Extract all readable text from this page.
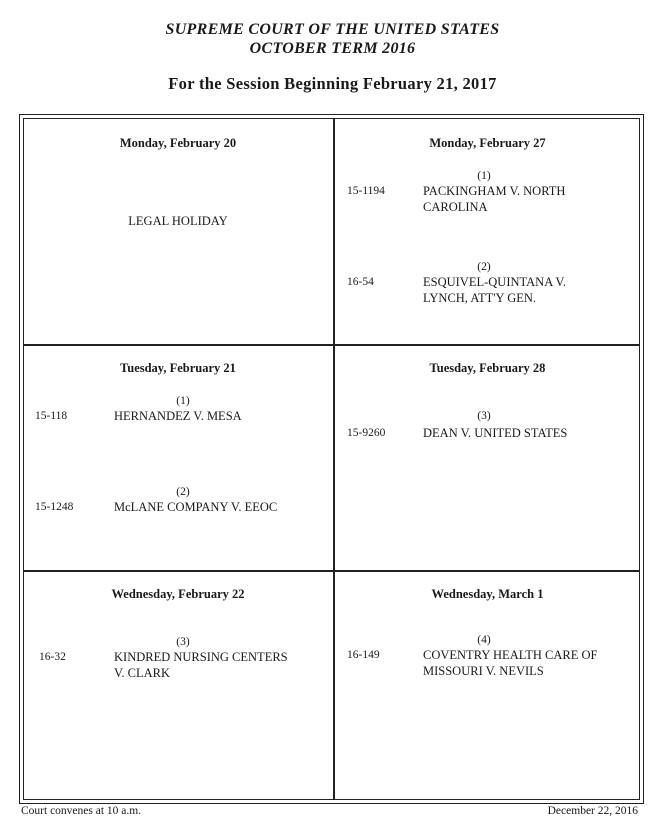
SUPREME COURT OF THE UNITED STATES
OCTOBER TERM 2016
For the Session Beginning February 21, 2017
Monday, February 20
LEGAL HOLIDAY
Monday, February 27
(1)
15-1194	PACKINGHAM V. NORTH
CAROLINA
(2)
16-54	ESQUIVEL-QUINTANA V.
LYNCH, ATT'Y GEN.
Tuesday, February 21
(1)
15-118	HERNANDEZ V. MESA
(2)
15-1248	McLANE COMPANY V. EEOC
Tuesday, February 28
(3)
15-9260	DEAN V. UNITED STATES
Wednesday, February 22
(3)
16-32	KINDRED NURSING CENTERS
V. CLARK
Wednesday, March 1
(4)
16-149	COVENTRY HEALTH CARE OF
MISSOURI V. NEVILS
Court convenes at 10 a.m.	December 22, 2016
